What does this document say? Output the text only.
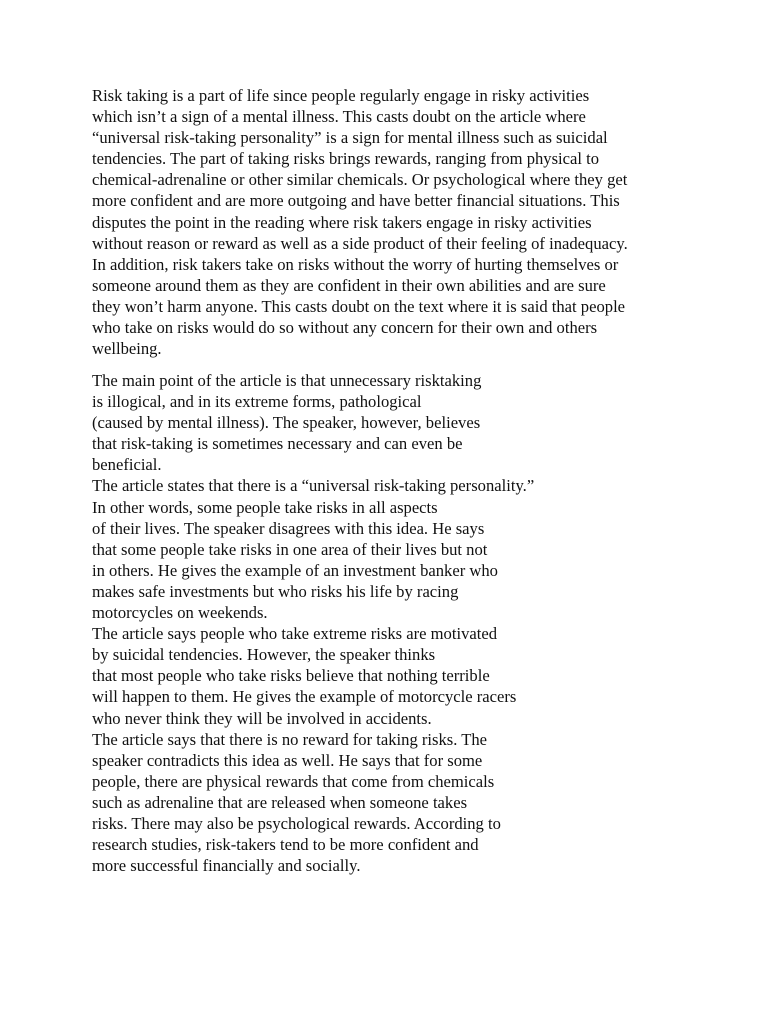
Risk taking is a part of life since people regularly engage in risky activities
which isn’t a sign of a mental illness. This casts doubt on the article where
“universal risk-taking personality” is a sign for mental illness such as suicidal
tendencies. The part of taking risks brings rewards, ranging from physical to
chemical-adrenaline or other similar chemicals. Or psychological where they get
more confident and are more outgoing and have better financial situations. This
disputes the point in the reading where risk takers engage in risky activities
without reason or reward as well as a side product of their feeling of inadequacy.
In addition, risk takers take on risks without the worry of hurting themselves or
someone around them as they are confident in their own abilities and are sure
they won’t harm anyone. This casts doubt on the text where it is said that people
who take on risks would do so without any concern for their own and others
wellbeing.

The main point of the article is that unnecessary risktaking
is illogical, and in its extreme forms, pathological
(caused by mental illness). The speaker, however, believes
that risk-taking is sometimes necessary and can even be
beneficial.
The article states that there is a “universal risk-taking personality.”
In other words, some people take risks in all aspects
of their lives. The speaker disagrees with this idea. He says
that some people take risks in one area of their lives but not
in others. He gives the example of an investment banker who
makes safe investments but who risks his life by racing
motorcycles on weekends.
The article says people who take extreme risks are motivated
by suicidal tendencies. However, the speaker thinks
that most people who take risks believe that nothing terrible
will happen to them. He gives the example of motorcycle racers
who never think they will be involved in accidents.
The article says that there is no reward for taking risks. The
speaker contradicts this idea as well. He says that for some
people, there are physical rewards that come from chemicals
such as adrenaline that are released when someone takes
risks. There may also be psychological rewards. According to
research studies, risk-takers tend to be more confident and
more successful financially and socially.
